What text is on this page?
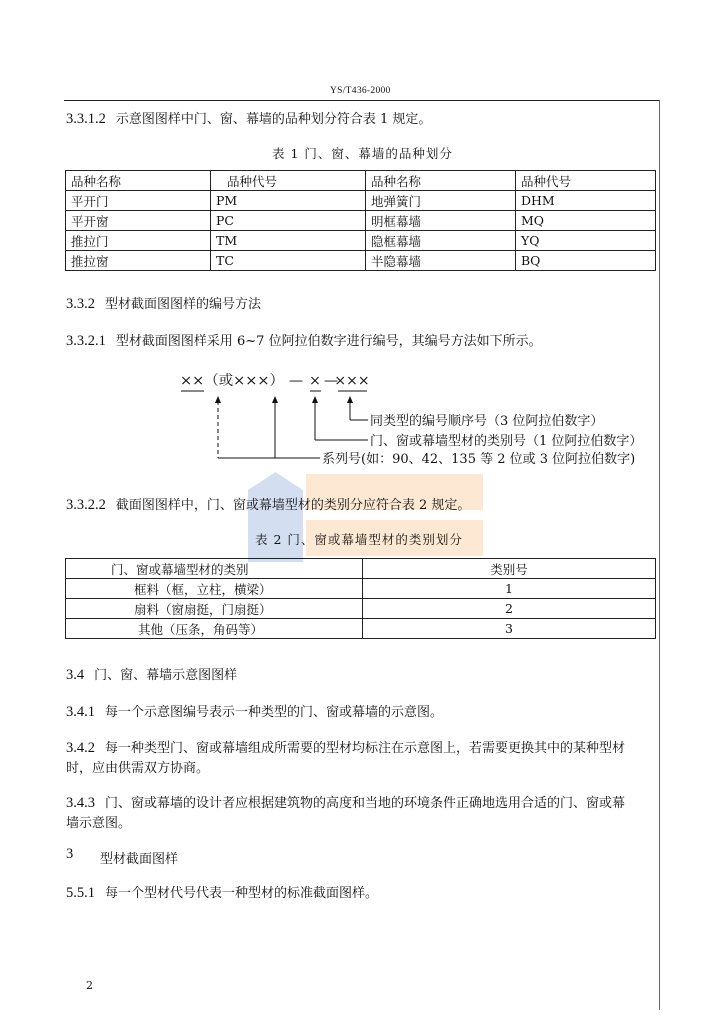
YS/T436-2000
3.3.1.2 示意图图样中门、窗、幕墙的品种划分符合表 1 规定。
表 1 门、窗、幕墙的品种划分
品种名称	品种代号	品种名称	品种代号
平开门	PM	地弹簧门	DHM
平开窗	PC	明框幕墙	MQ
推拉门	TM	隐框幕墙	YQ
推拉窗	TC	半隐幕墙	BQ
3.3.2 型材截面图图样的编号方法
3.3.2.1 型材截面图图样采用 6~7 位阿拉伯数字进行编号，其编号方法如下所示。
××（或×××） — × —
×××
同类型的编号顺序号（3 位阿拉伯数字）
门、窗或幕墙型材的类别号（1 位阿拉伯数字）
系列号(如：90、42、135 等 2 位或 3 位阿拉伯数字)
3.3.2.2 截面图图样中，门、窗或幕墙型材的类别分应符合表 2 规定。
表 2 门、窗或幕墙型材的类别划分
门、窗或幕墙型材的类别	类别号
框料（框，立柱，横梁）	1
扇料（窗扇挺，门扇挺）	2
其他（压条，角码等）	3
3.4 门、窗、幕墙示意图图样
3.4.1 每一个示意图编号表示一种类型的门、窗或幕墙的示意图。
3.4.2 每一种类型门、窗或幕墙组成所需要的型材均标注在示意图上，若需要更换其中的某种型材
时，应由供需双方协商。
3.4.3 门、窗或幕墙的设计者应根据建筑物的高度和当地的环境条件正确地选用合适的门、窗或幕
墙示意图。
3 型材截面图样
5.5.1 每一个型材代号代表一种型材的标准截面图样。
2
